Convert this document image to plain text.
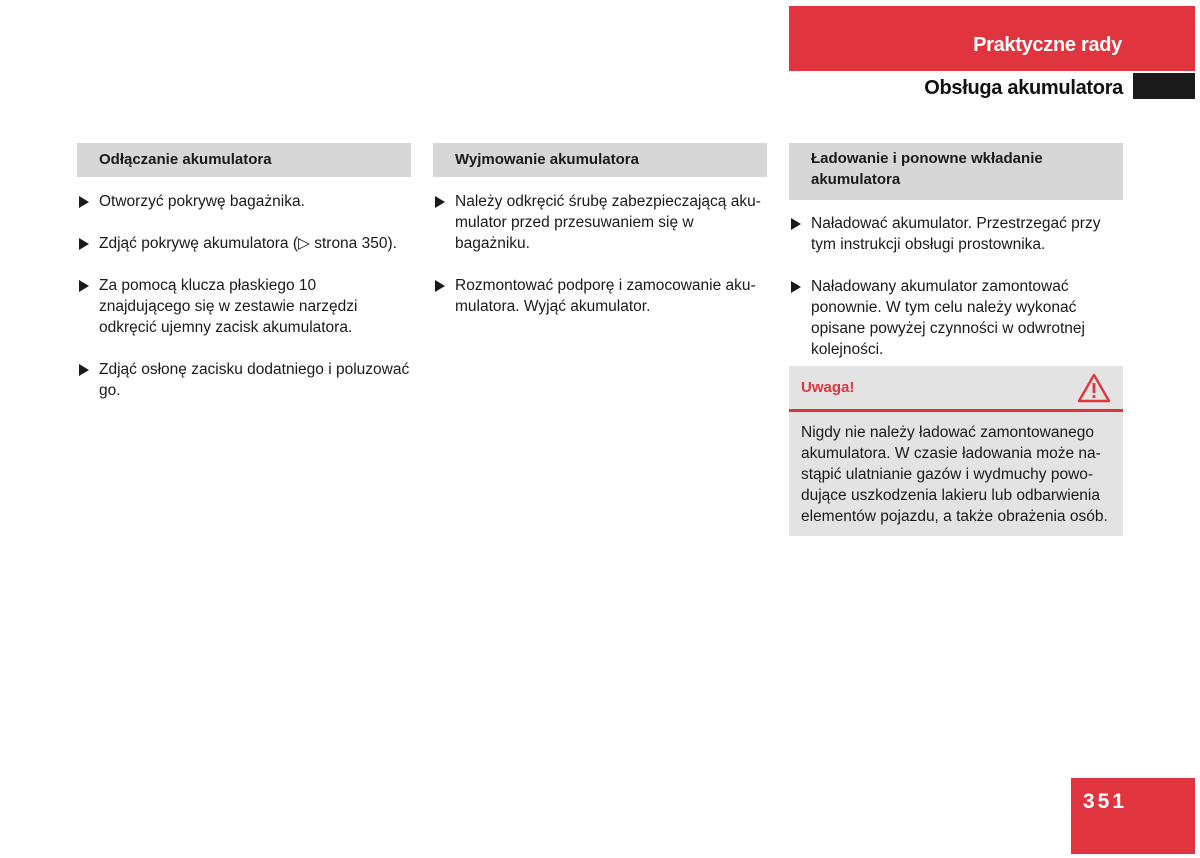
Praktyczne rady
Obsługa akumulatora
Odłączanie akumulatora
Otworzyć pokrywę bagażnika.
Zdjąć pokrywę akumulatora (▷ strona 350).
Za pomocą klucza płaskiego 10 znajdującego się w zestawie narzędzi odkręcić ujemny zacisk akumulatora.
Zdjąć osłonę zacisku dodatniego i poluzować go.
Wyjmowanie akumulatora
Należy odkręcić śrubę zabezpieczającą akumulator przed przesuwaniem się w bagażniku.
Rozmontować podporę i zamocowanie akumulatora. Wyjąć akumulator.
Ładowanie i ponowne wkładanie akumulatora
Naładować akumulator. Przestrzegać przy tym instrukcji obsługi prostownika.
Naładowany akumulator zamontować ponownie. W tym celu należy wykonać opisane powyżej czynności w odwrotnej kolejności.
Uwaga!
Nigdy nie należy ładować zamontowanego akumulatora. W czasie ładowania może nastąpić ulatnianie gazów i wydmuchy powodujące uszkodzenia lakieru lub odbarwienia elementów pojazdu, a także obrażenia osób.
351
